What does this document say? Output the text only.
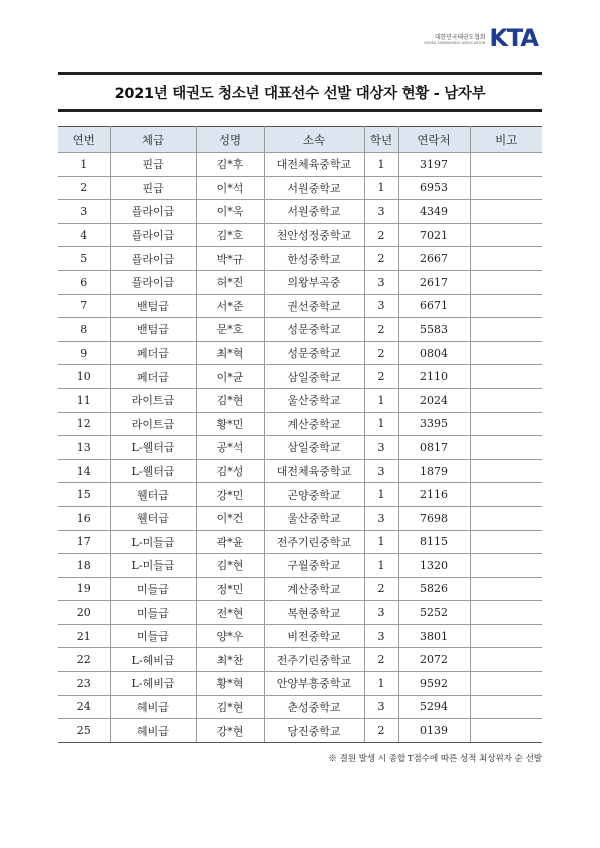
대한민국태권도협회
KOREA TAEKWONDO ASSOCIATION KTA
2021년 태권도 청소년 대표선수 선발 대상자 현황 - 남자부
연번	체급	성명	소속	학년	연락처	비고
1	핀급	김*후	대전체육중학교	1	3197	
2	핀급	이*석	서원중학교	1	6953	
3	플라이급	이*욱	서원중학교	3	4349	
4	플라이급	김*호	천안성정중학교	2	7021	
5	플라이급	박*규	한성중학교	2	2667	
6	플라이급	허*진	의왕부곡중	3	2617	
7	밴텀급	서*준	권선중학교	3	6671	
8	밴텀급	문*호	성문중학교	2	5583	
9	페더급	최*혁	성문중학교	2	0804	
10	페더급	이*균	삼일중학교	2	2110	
11	라이트급	김*현	울산중학교	1	2024	
12	라이트급	황*민	계산중학교	1	3395	
13	L-웰터급	공*석	삼일중학교	3	0817	
14	L-웰터급	김*성	대전체육중학교	3	1879	
15	웰터급	강*민	곤양중학교	1	2116	
16	웰터급	이*건	울산중학교	3	7698	
17	L-미들급	곽*윤	전주기린중학교	1	8115	
18	L-미들급	김*현	구월중학교	1	1320	
19	미들급	정*민	계산중학교	2	5826	
20	미들급	전*현	복현중학교	3	5252	
21	미들급	양*우	비전중학교	3	3801	
22	L-헤비급	최*찬	전주기린중학교	2	2072	
23	L-헤비급	황*혁	안양부흥중학교	1	9592	
24	헤비급	김*현	춘성중학교	3	5294	
25	헤비급	강*현	당진중학교	2	0139	
※ 결원 발생 시 종합 T점수에 따른 성적 최상위자 순 선발
